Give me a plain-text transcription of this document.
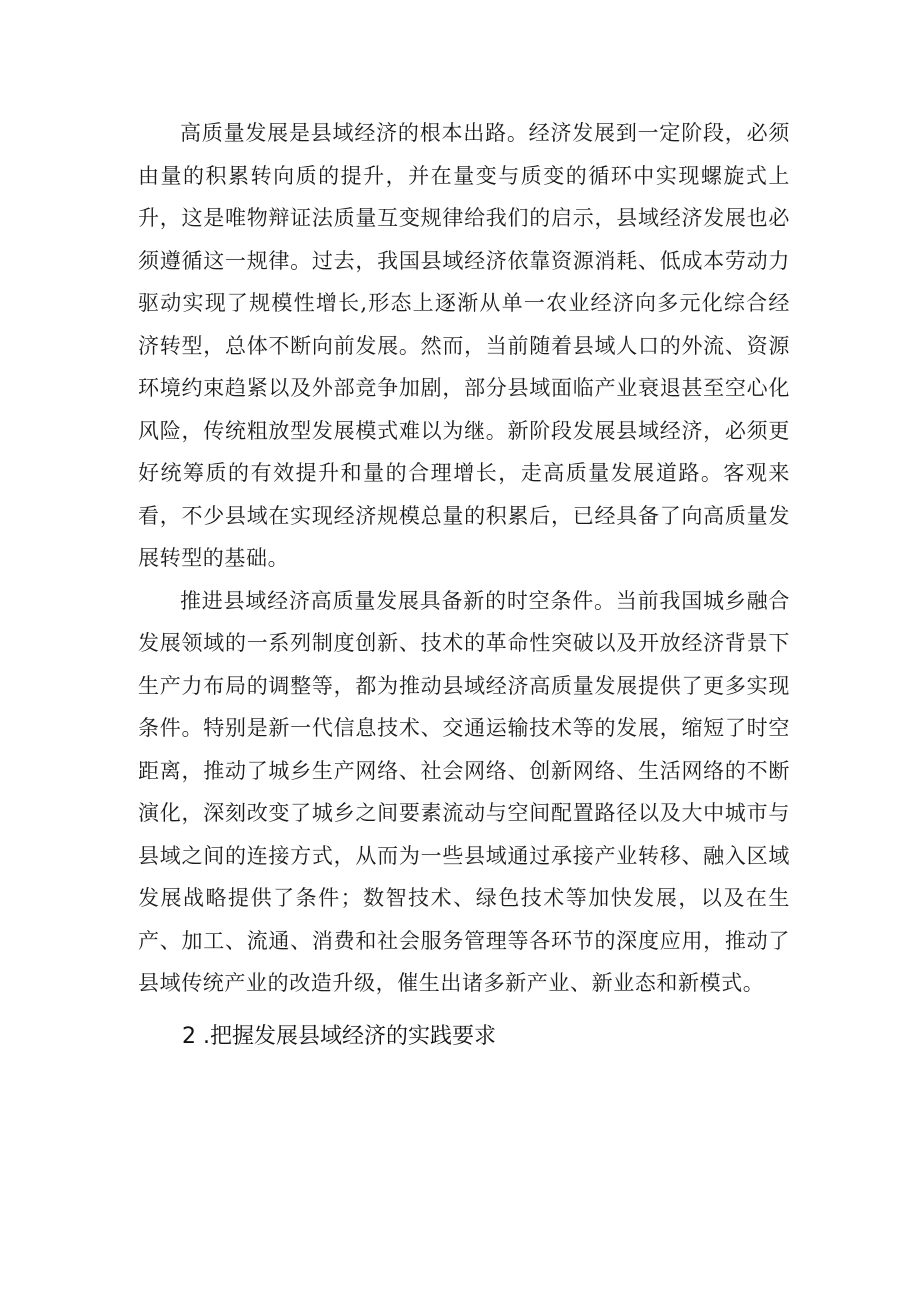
高质量发展是县域经济的根本出路。经济发展到一定阶段，必须由量的积累转向质的提升，并在量变与质变的循环中实现螺旋式上升，这是唯物辩证法质量互变规律给我们的启示，县域经济发展也必须遵循这一规律。过去，我国县域经济依靠资源消耗、低成本劳动力驱动实现了规模性增长,形态上逐渐从单一农业经济向多元化综合经济转型，总体不断向前发展。然而，当前随着县域人口的外流、资源环境约束趋紧以及外部竞争加剧，部分县域面临产业衰退甚至空心化风险，传统粗放型发展模式难以为继。新阶段发展县域经济，必须更好统筹质的有效提升和量的合理增长，走高质量发展道路。客观来看，不少县域在实现经济规模总量的积累后，已经具备了向高质量发展转型的基础。

推进县域经济高质量发展具备新的时空条件。当前我国城乡融合发展领域的一系列制度创新、技术的革命性突破以及开放经济背景下生产力布局的调整等，都为推动县域经济高质量发展提供了更多实现条件。特别是新一代信息技术、交通运输技术等的发展，缩短了时空距离，推动了城乡生产网络、社会网络、创新网络、生活网络的不断演化，深刻改变了城乡之间要素流动与空间配置路径以及大中城市与县域之间的连接方式，从而为一些县域通过承接产业转移、融入区域发展战略提供了条件；数智技术、绿色技术等加快发展，以及在生产、加工、流通、消费和社会服务管理等各环节的深度应用，推动了县域传统产业的改造升级，催生出诸多新产业、新业态和新模式。

2 .把握发展县域经济的实践要求
